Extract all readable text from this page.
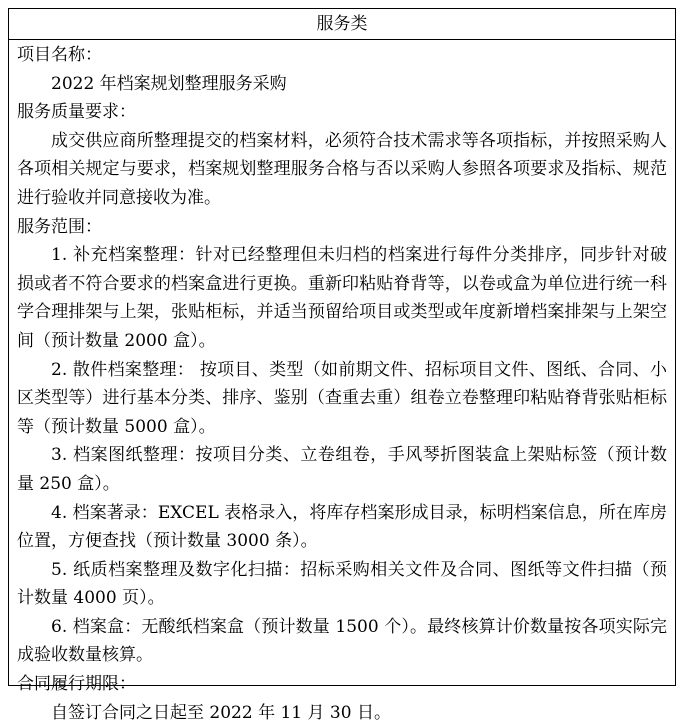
服务类

项目名称：

2022 年档案规划整理服务采购

服务质量要求：

成交供应商所整理提交的档案材料，必须符合技术需求等各项指标，并按照采购人各项相关规定与要求，档案规划整理服务合格与否以采购人参照各项要求及指标、规范进行验收并同意接收为准。

服务范围：

1. 补充档案整理：针对已经整理但未归档的档案进行每件分类排序，同步针对破损或者不符合要求的档案盒进行更换。重新印粘贴脊背等，以卷或盒为单位进行统一科学合理排架与上架，张贴柜标，并适当预留给项目或类型或年度新增档案排架与上架空间（预计数量 2000 盒）。

2. 散件档案整理： 按项目、类型（如前期文件、招标项目文件、图纸、合同、小区类型等）进行基本分类、排序、鉴别（查重去重）组卷立卷整理印粘贴脊背张贴柜标等（预计数量 5000 盒）。

3. 档案图纸整理：按项目分类、立卷组卷，手风琴折图装盒上架贴标签（预计数量 250 盒）。

4. 档案著录：EXCEL 表格录入，将库存档案形成目录，标明档案信息，所在库房位置，方便查找（预计数量 3000 条）。

5. 纸质档案整理及数字化扫描：招标采购相关文件及合同、图纸等文件扫描（预计数量 4000 页）。

6. 档案盒：无酸纸档案盒（预计数量 1500 个）。最终核算计价数量按各项实际完成验收数量核算。

合同履行期限：

自签订合同之日起至 2022 年 11 月 30 日。
